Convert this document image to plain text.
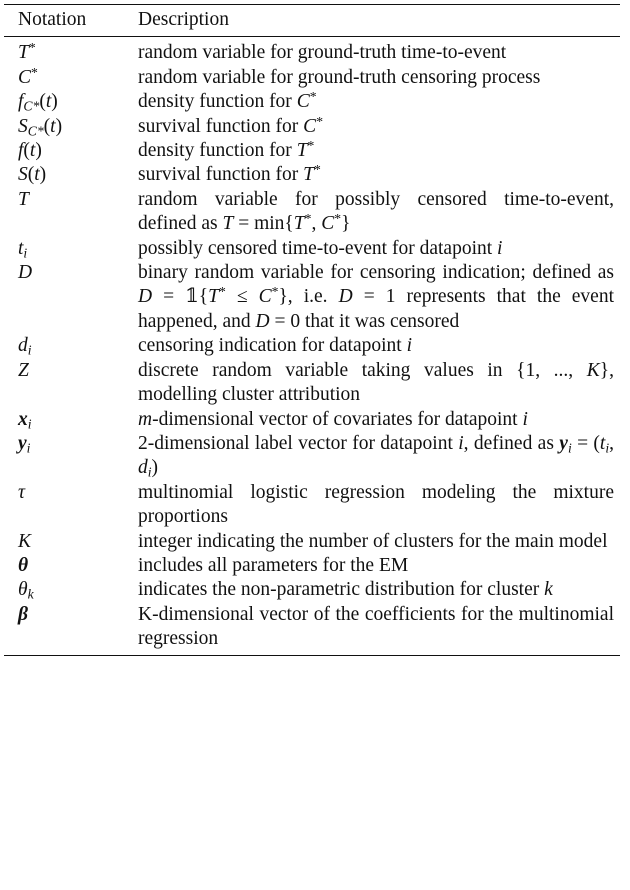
Notation	Description
T*	random variable for ground-truth time-to-event
C*	random variable for ground-truth censoring process
$f_{C*}(t)$	density function for C*
$S_{C*}(t)$	survival function for C*
f(t)	density function for T*
S(t)	survival function for T*
T	random variable for possibly censored time-to-event, defined as T = min{T*, C*}
$t_i$	possibly censored time-to-event for datapoint i
D	binary random variable for censoring indication; defined as D = 𝟙{T* ≤ C*}, i.e. D = 1 represents that the event happened, and D = 0 that it was censored
$d_i$	censoring indication for datapoint i
Z	discrete random variable taking values in {1, ..., K}, modelling cluster attribution
$x_i$	m-dimensional vector of covariates for datapoint i
$y_i$	2-dimensional label vector for datapoint i, defined as $y_i = (t_i$, $d_i$)
τ	multinomial logistic regression modeling the mixture proportions
K	integer indicating the number of clusters for the main model
θ	includes all parameters for the EM
$\theta_k$	indicates the non-parametric distribution for cluster k
β	K-dimensional vector of the coefficients for the multinomial regression
